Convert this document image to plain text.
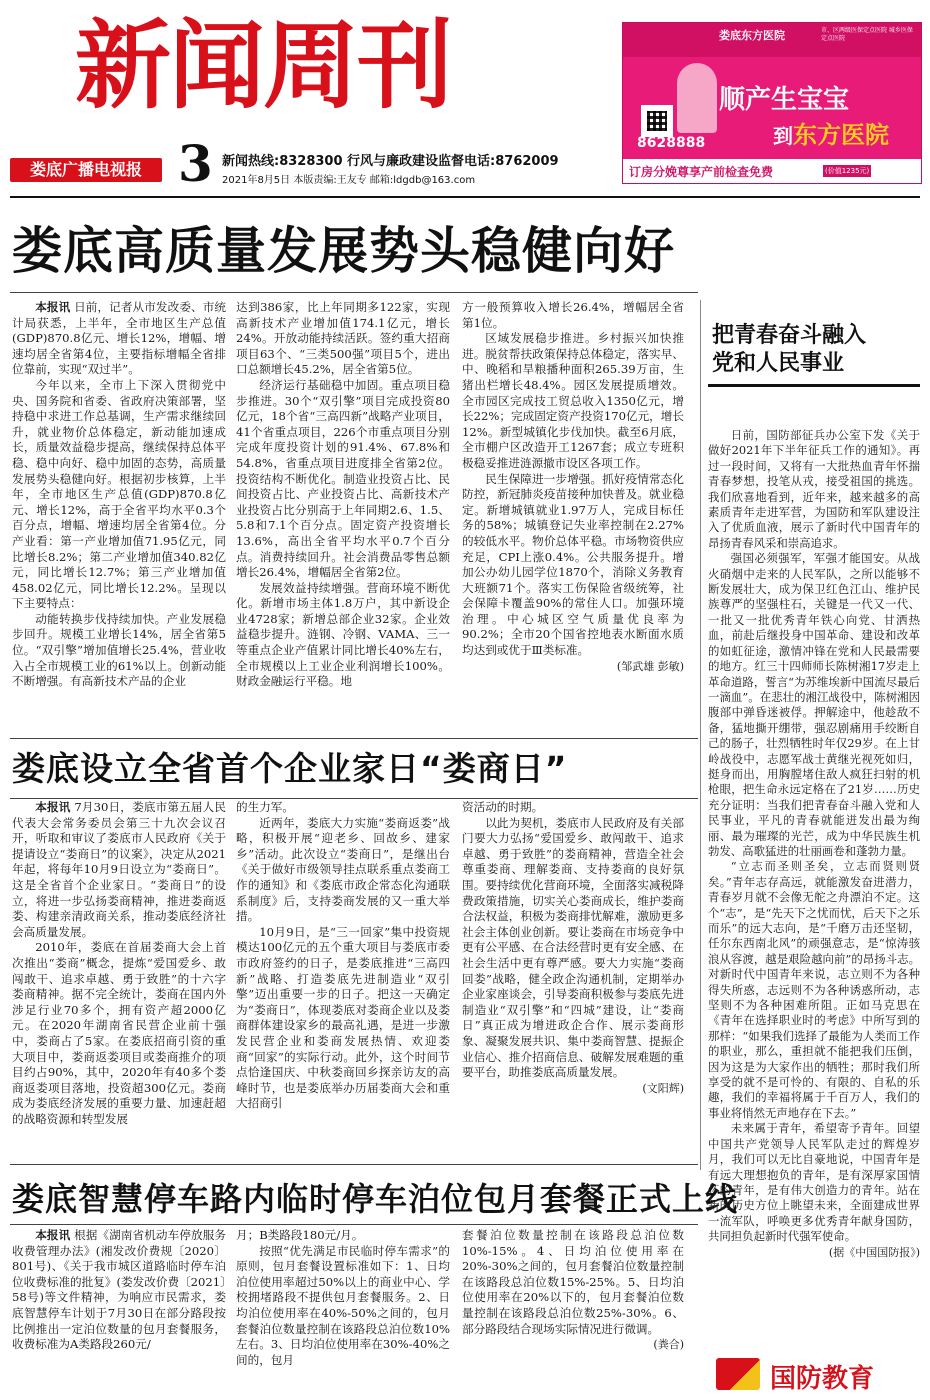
新闻周刊
娄底广播电视报 3 新闻热线:8328300 行风与廉政建设监督电话:8762009
2021年8月5日 本版责编:王友专 邮箱:ldgdb@163.com
娄底东方医院	市、区两级医保定点医院 城乡医保定点医院
顺产生宝宝
到东方医院
8628888
订房分娩尊享产前检查免费	(价值1235元)
娄底高质量发展势头稳健向好

本报讯 日前，记者从市发改委、市统计局获悉，上半年，全市地区生产总值(GDP)870.8亿元、增长12%，增幅、增速均居全省第4位，主要指标增幅全省排位靠前，实现“双过半”。

今年以来，全市上下深入贯彻党中央、国务院和省委、省政府决策部署，坚持稳中求进工作总基调，生产需求继续回升，就业物价总体稳定，新动能加速成长，质量效益稳步提高，继续保持总体平稳、稳中向好、稳中加固的态势，高质量发展势头稳健向好。根据初步核算，上半年，全市地区生产总值(GDP)870.8亿元、增长12%，高于全省平均水平0.3个百分点，增幅、增速均居全省第4位。分产业看：第一产业增加值71.95亿元，同比增长8.2%；第二产业增加值340.82亿元，同比增长12.7%；第三产业增加值458.02亿元，同比增长12.2%。呈现以下主要特点：

动能转换步伐持续加快。产业发展稳步回升。规模工业增长14%，居全省第5位。“双引擎”增加值增长25.4%，营业收入占全市规模工业的61%以上。创新动能不断增强。有高新技术产品的企业

达到386家，比上年同期多122家，实现高新技术产业增加值174.1亿元，增长24%。开放动能持续活跃。签约重大招商项目63个、“三类500强”项目5个，进出口总额增长45.2%，居全省第5位。

经济运行基础稳中加固。重点项目稳步推进。30个“双引擎”项目完成投资80亿元，18个省“三高四新”战略产业项目，41个省重点项目，226个市重点项目分别完成年度投资计划的91.4%、67.8%和54.8%，省重点项目进度排全省第2位。投资结构不断优化。制造业投资占比、民间投资占比、产业投资占比、高新技术产业投资占比分别高于上年同期2.6、1.5、5.8和7.1个百分点。固定资产投资增长13.6%，高出全省平均水平0.7个百分点。消费持续回升。社会消费品零售总额增长26.4%，增幅居全省第2位。

发展效益持续增强。营商环境不断优化。新增市场主体1.8万户，其中新设企业4728家；新增总部企业32家。企业效益稳步提升。涟钢、冷钢、VAMA、三一等重点企业产值累计同比增长40%左右，全市规模以上工业企业利润增长100%。财政金融运行平稳。地

方一般预算收入增长26.4%，增幅居全省第1位。

区域发展稳步推进。乡村振兴加快推进。脱贫帮扶政策保持总体稳定，落实早、中、晚稻和旱粮播种面积265.39万亩，生猪出栏增长48.4%。园区发展提质增效。全市园区完成技工贸总收入1350亿元，增长22%；完成固定资产投资170亿元，增长12%。新型城镇化步伐加快。截至6月底，全市棚户区改造开工1267套；成立专班积极稳妥推进涟源撤市设区各项工作。

民生保障进一步增强。抓好疫情常态化防控，新冠肺炎疫苗接种加快普及。就业稳定。新增城镇就业1.97万人，完成目标任务的58%；城镇登记失业率控制在2.27%的较低水平。物价总体平稳。市场物资供应充足，CPI上涨0.4%。公共服务提升。增加公办幼儿园学位1870个，消除义务教育大班额71个。落实工伤保险省级统筹，社会保障卡覆盖90%的常住人口。加强环境治理。中心城区空气质量优良率为90.2%；全市20个国省控地表水断面水质均达到或优于Ⅲ类标准。

(邹武雄 彭敏)
娄底设立全省首个企业家日“娄商日”

本报讯 7月30日，娄底市第五届人民代表大会常务委员会第三十九次会议召开，听取和审议了娄底市人民政府《关于提请设立“娄商日”的议案》，决定从2021年起，将每年10月9日设立为“娄商日”。这是全省首个企业家日。“娄商日”的设立，将进一步弘扬娄商精神，推进娄商返娄、构建亲清政商关系，推动娄底经济社会高质量发展。

2010年，娄底在首届娄商大会上首次推出“娄商”概念，提炼“爱国爱乡、敢闯敢干、追求卓越、勇于致胜”的十六字娄商精神。据不完全统计，娄商在国内外涉足行业70多个，拥有资产超2000亿元。在2020年湖南省民营企业前十强中，娄商占了5家。在娄底招商引资的重大项目中，娄商返娄项目或娄商推介的项目约占90%，其中，2020年有40多个娄商返娄项目落地，投资超300亿元。娄商成为娄底经济发展的重要力量、加速赶超的战略资源和转型发展

的生力军。

近两年，娄底大力实施“娄商返娄”战略，积极开展“迎老乡、回故乡、建家乡”活动。此次设立“娄商日”，是继出台《关于做好市级领导挂点联系重点娄商工作的通知》和《娄底市政企常态化沟通联系制度》后，支持娄商发展的又一重大举措。

10月9日，是“三一回家”集中投资规模达100亿元的五个重大项目与娄底市委市政府签约的日子，是娄底推进“三高四新”战略、打造娄底先进制造业“双引擎”迈出重要一步的日子。把这一天确定为“娄商日”，体现娄底对娄商企业以及娄商群体建设家乡的最高礼遇，是进一步激发民营企业和娄商发展热情、欢迎娄商“回家”的实际行动。此外，这个时间节点恰逢国庆、中秋娄商回乡探亲访友的高峰时节，也是娄底举办历届娄商大会和重大招商引

资活动的时期。

以此为契机，娄底市人民政府及有关部门要大力弘扬“爱国爱乡、敢闯敢干、追求卓越、勇于致胜”的娄商精神，营造全社会尊重娄商、理解娄商、支持娄商的良好氛围。要持续优化营商环境，全面落实减税降费政策措施，切实关心娄商成长，维护娄商合法权益，积极为娄商排忧解难，激励更多社会主体创业创新。要让娄商在市场竞争中更有公平感、在合法经营时更有安全感、在社会生活中更有尊严感。要大力实施“娄商回娄”战略，健全政企沟通机制，定期举办企业家座谈会，引导娄商积极参与娄底先进制造业“双引擎”和“四城”建设，让“娄商日”真正成为增进政企合作、展示娄商形象、凝聚发展共识、集中娄商智慧、提振企业信心、推介招商信息、破解发展难题的重要平台，助推娄底高质量发展。

(文阳辉)
娄底智慧停车路内临时停车泊位包月套餐正式上线

本报讯 根据《湖南省机动车停放服务收费管理办法》(湘发改价费规〔2020〕801号)、《关于我市城区道路临时停车泊位收费标准的批复》(娄发改价费〔2021〕58号)等文件精神，为响应市民需求，娄底智慧停车计划于7月30日在部分路段按比例推出一定泊位数量的包月套餐服务，收费标准为A类路段260元/

月；B类路段180元/月。

按照“优先满足市民临时停车需求”的原则，包月套餐设置标准如下：1、日均泊位使用率超过50%以上的商业中心、学校拥堵路段不提供包月套餐服务。2、日均泊位使用率在40%-50%之间的，包月套餐泊位数量控制在该路段总泊位数10%左右。3、日均泊位使用率在30%-40%之间的，包月

套餐泊位数量控制在该路段总泊位数10%-15%。4、日均泊位使用率在20%-30%之间的，包月套餐泊位数量控制在该路段总泊位数15%-25%。5、日均泊位使用率在20%以下的，包月套餐泊位数量控制在该路段总泊位数25%-30%。6、部分路段结合现场实际情况进行微调。

(粪合)
把青春奋斗融入
党和人民事业

日前，国防部征兵办公室下发《关于做好2021年下半年征兵工作的通知》。再过一段时间，又将有一大批热血青年怀揣青春梦想，投笔从戎，接受祖国的挑选。我们欣喜地看到，近年来，越来越多的高素质青年走进军营，为国防和军队建设注入了优质血液，展示了新时代中国青年的昂扬青春风采和崇高追求。

强国必须强军，军强才能国安。从战火硝烟中走来的人民军队，之所以能够不断发展壮大，成为保卫红色江山、维护民族尊严的坚强柱石，关键是一代又一代、一批又一批优秀青年铁心向党、甘洒热血，前赴后继投身中国革命、建设和改革的如虹征途，激情冲锋在党和人民最需要的地方。红三十四师师长陈树湘17岁走上革命道路，誓言“为苏维埃新中国流尽最后一滴血”。在悲壮的湘江战役中，陈树湘因腹部中弹昏迷被俘。押解途中，他趁敌不备，猛地撕开绷带，强忍剧痛用手绞断自己的肠子，壮烈牺牲时年仅29岁。在上甘岭战役中，志愿军战士黄继光视死如归，挺身而出，用胸膛堵住敌人疯狂扫射的机枪眼，把生命永远定格在了21岁……历史充分证明：当我们把青春奋斗融入党和人民事业，平凡的青春就能迸发出最为绚丽、最为璀璨的光芒，成为中华民族生机勃发、高歌猛进的壮丽画卷和蓬勃力量。

“立志而圣则圣矣，立志而贤则贤矣。”青年志存高远，就能激发奋进潜力，青春岁月就不会像无舵之舟漂泊不定。这个“志”，是“先天下之忧而忧，后天下之乐而乐”的远大志向，是“千磨万击还坚韧，任尔东西南北风”的顽强意志，是“惊涛骇浪从容渡，越是艰险越向前”的昂扬斗志。对新时代中国青年来说，志立则不为各种得失所惑，志远则不为各种诱惑所动，志坚则不为各种困难所阻。正如马克思在《青年在选择职业时的考虑》中所写到的那样：“如果我们选择了最能为人类而工作的职业，那么，重担就不能把我们压倒，因为这是为大家作出的牺牲；那时我们所享受的就不是可怜的、有限的、自私的乐趣，我们的幸福将属于千百万人，我们的事业将悄然无声地存在下去。”

未来属于青年，希望寄予青年。回望中国共产党领导人民军队走过的辉煌岁月，我们可以无比自豪地说，中国青年是有远大理想抱负的青年，是有深厚家国情怀的青年，是有伟大创造力的青年。站在新的历史方位上眺望未来，全面建成世界一流军队，呼唤更多优秀青年献身国防，共同担负起新时代强军使命。

(据《中国国防报》)
国防教育
